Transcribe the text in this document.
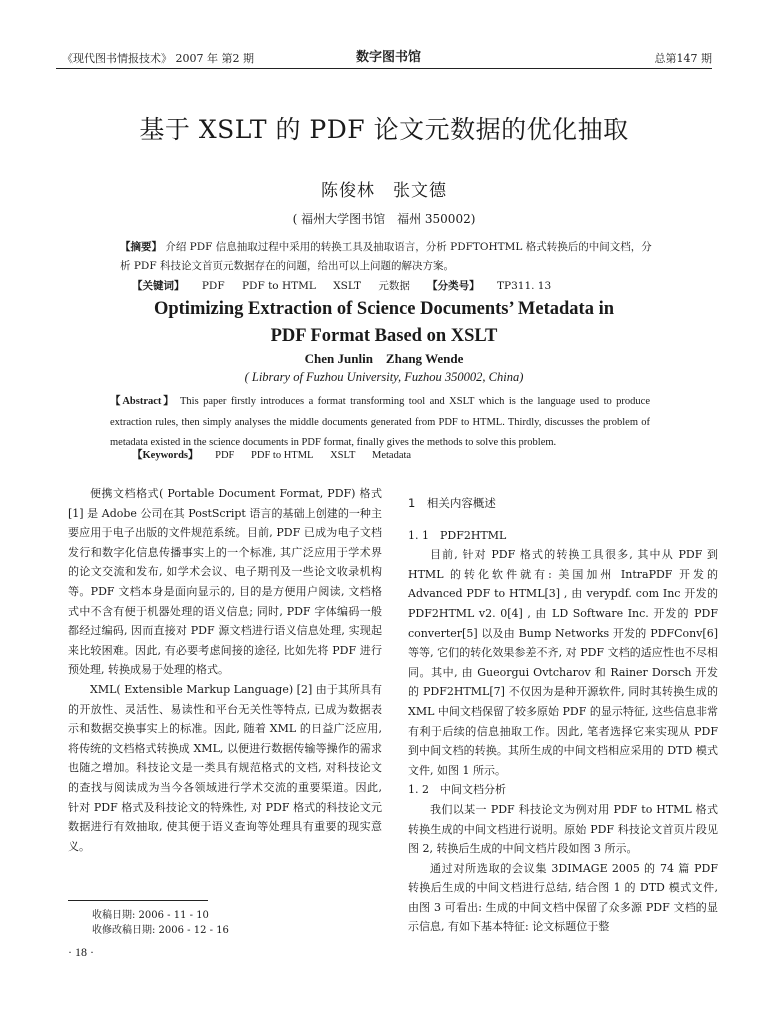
《现代图书情报技术》 2007 年 第2 期	数字图书馆	总第147 期
基于 XSLT 的 PDF 论文元数据的优化抽取
陈俊林　张文德
( 福州大学图书馆　福州 350002)
【摘要】 介绍 PDF 信息抽取过程中采用的转换工具及抽取语言，分析 PDFTOHTML 格式转换后的中间文档，分析 PDF 科技论文首页元数据存在的问题，给出可以上问题的解决方案。
【关键词】 PDF PDF to HTML XSLT 元数据 【分类号】 TP311. 13
Optimizing Extraction of Science Documents’ Metadata in
PDF Format Based on XSLT
Chen Junlin　Zhang Wende
( Library of Fuzhou University, Fuzhou 350002, China)
【Abstract】 This paper firstly introduces a format transforming tool and XSLT which is the language used to produce extraction rules, then simply analyses the middle documents generated from PDF to HTML. Thirdly, discusses the problem of metadata existed in the science documents in PDF format, finally gives the methods to solve this problem.
【Keywords】 PDF PDF to HTML XSLT Metadata

便携文档格式( Portable Document Format, PDF) 格式[1] 是 Adobe 公司在其 PostScript 语言的基础上创建的一种主要应用于电子出版的文件规范系统。目前, PDF 已成为电子文档发行和数字化信息传播事实上的一个标准, 其广泛应用于学术界的论文交流和发布, 如学术会议、电子期刊及一些论文收录机构等。PDF 文档本身是面向显示的, 目的是方便用户阅读, 文档格式中不含有便于机器处理的语义信息; 同时, PDF 字体编码一般都经过编码, 因而直接对 PDF 源文档进行语义信息处理, 实现起来比较困难。因此, 有必要考虑间接的途径, 比如先将 PDF 进行预处理, 转换成易于处理的格式。

XML( Extensible Markup Language) [2] 由于其所具有的开放性、灵活性、易读性和平台无关性等特点, 已成为数据表示和数据交换事实上的标准。因此, 随着 XML 的日益广泛应用, 将传统的文档格式转换成 XML, 以便进行数据传输等操作的需求也随之增加。科技论文是一类具有规范格式的文档, 对科技论文的查找与阅读成为当今各领域进行学术交流的重要渠道。因此, 针对 PDF 格式及科技论文的特殊性, 对 PDF 格式的科技论文元数据进行有效抽取, 使其便于语义查询等处理具有重要的现实意义。

1　相关内容概述
1. 1　PDF2HTML

目前, 针对 PDF 格式的转换工具很多, 其中从 PDF 到 HTML 的转化软件就有: 美国加州 IntraPDF 开发的 Advanced PDF to HTML[3] , 由 verypdf. com Inc 开发的 PDF2HTML v2. 0[4] , 由 LD Software Inc. 开发的 PDF converter[5] 以及由 Bump Networks 开发的 PDFConv[6] 等等, 它们的转化效果参差不齐, 对 PDF 文档的适应性也不尽相同。其中, 由 Gueorgui Ovtcharov 和 Rainer Dorsch 开发的 PDF2HTML[7] 不仅因为是种开源软件, 同时其转换生成的 XML 中间文档保留了较多原始 PDF 的显示特征, 这些信息非常有利于后续的信息抽取工作。因此, 笔者选择它来实现从 PDF 到中间文档的转换。其所生成的中间文档相应采用的 DTD 模式文件, 如图 1 所示。

1. 2　中间文档分析

我们以某一 PDF 科技论文为例对用 PDF to HTML 格式转换生成的中间文档进行说明。原始 PDF 科技论文首页片段见图 2, 转换后生成的中间文档片段如图 3 所示。

通过对所选取的会议集 3DIMAGE 2005 的 74 篇 PDF 转换后生成的中间文档进行总结, 结合图 1 的 DTD 模式文件, 由图 3 可看出: 生成的中间文档中保留了众多源 PDF 文档的显示信息, 有如下基本特征: 论文标题位于整

收稿日期: 2006 - 11 - 10
收修改稿日期: 2006 - 12 - 16
· 18 ·
